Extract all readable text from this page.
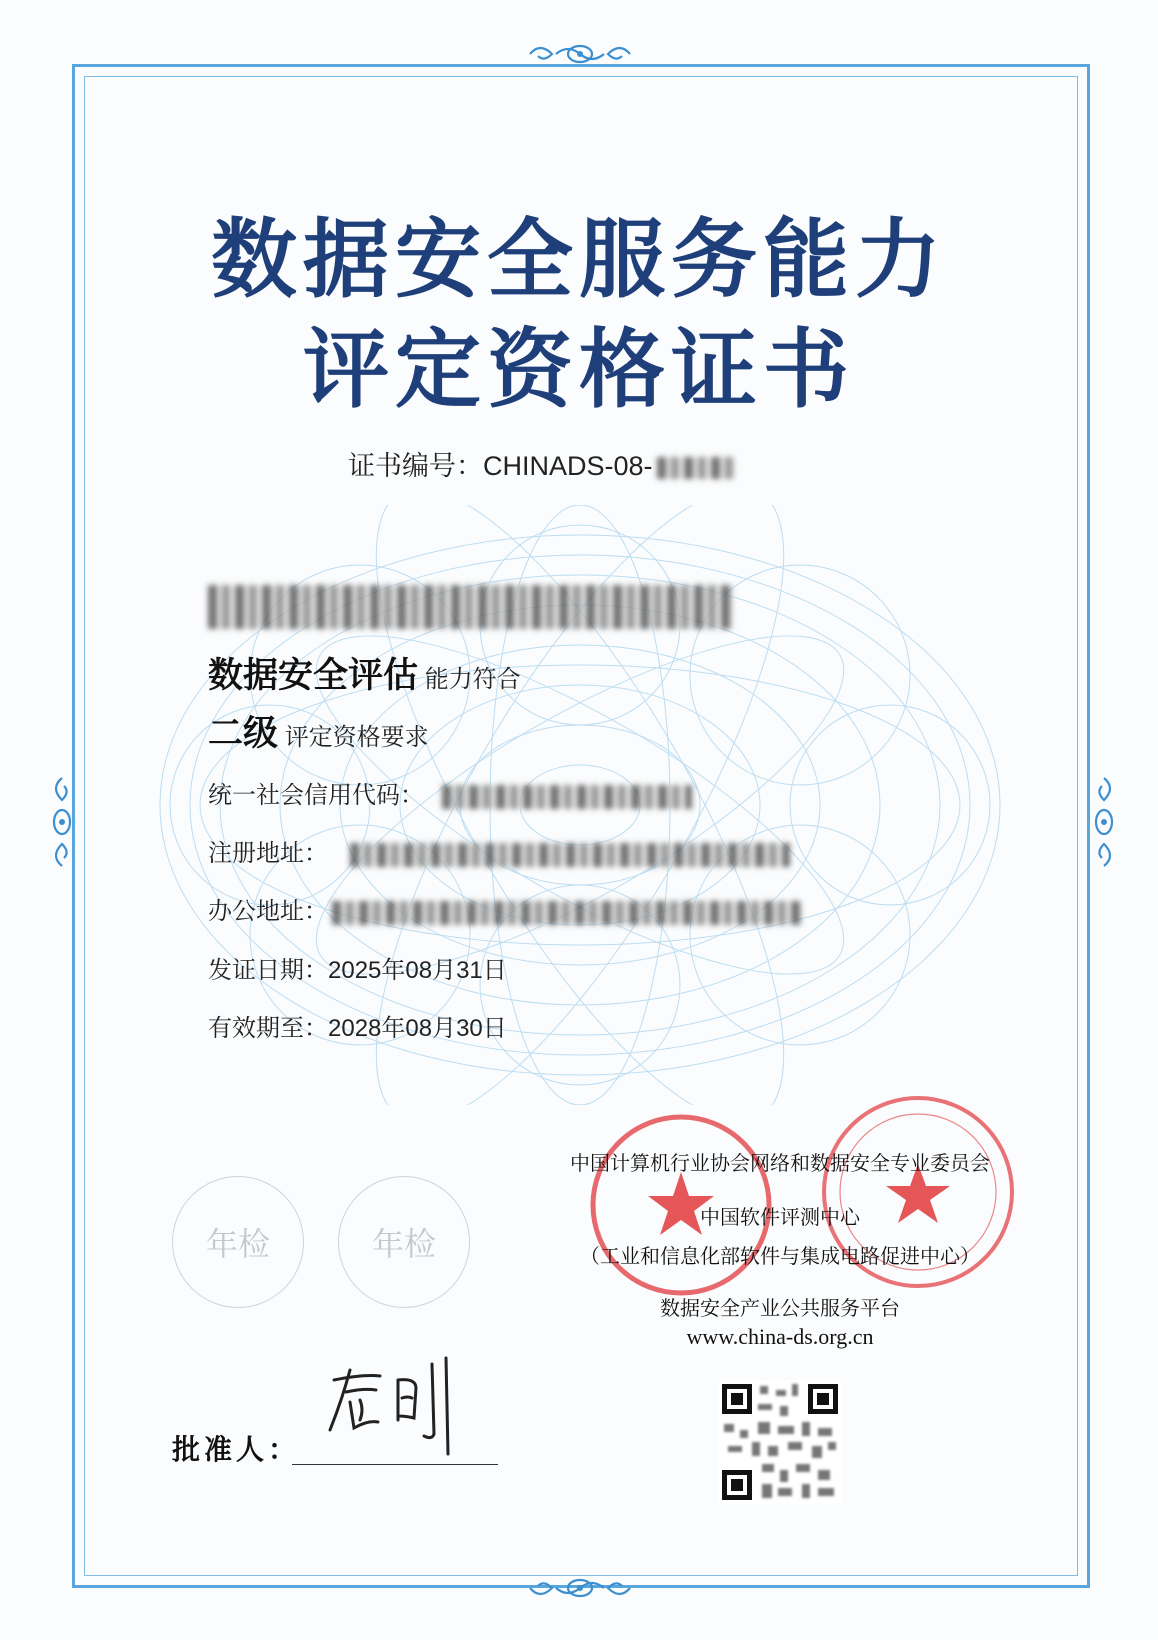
数据安全服务能力
评定资格证书
证书编号：CHINADS-08-
数据安全评估 能力符合
二级 评定资格要求
统一社会信用代码：
注册地址：
办公地址：
发证日期：2025年08月31日
有效期至：2028年08月30日
年检	年检
中国计算机行业协会网络和数据安全专业委员会
中国软件评测中心
（工业和信息化部软件与集成电路促进中心）
数据安全产业公共服务平台
www.china-ds.org.cn
批准人：
